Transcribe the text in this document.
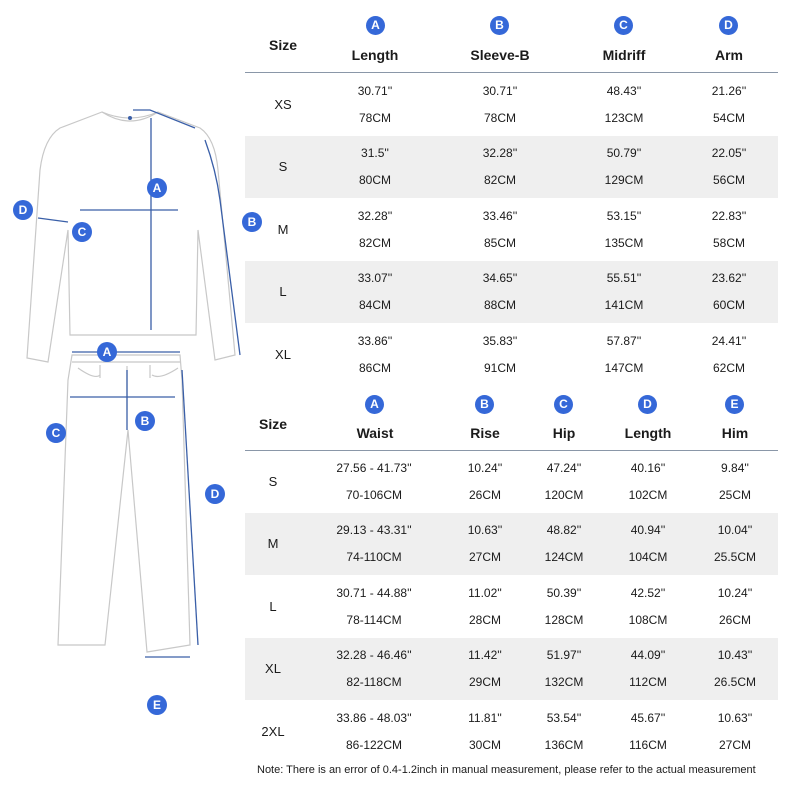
A
B
C
D
A
B
C
D
E
Size
A
Length
B
Sleeve-B
C
Midriff
D
Arm
XS
30.71''
78CM
30.71''
78CM
48.43''
123CM
21.26''
54CM
S
31.5''
80CM
32.28''
82CM
50.79''
129CM
22.05''
56CM
M
32.28''
82CM
33.46''
85CM
53.15''
135CM
22.83''
58CM
L
33.07''
84CM
34.65''
88CM
55.51''
141CM
23.62''
60CM
XL
33.86''
86CM
35.83''
91CM
57.87''
147CM
24.41''
62CM
Size
A
Waist
B
Rise
C
Hip
D
Length
E
Him
S
27.56 - 41.73''
70-106CM
10.24''
26CM
47.24''
120CM
40.16''
102CM
9.84''
25CM
M
29.13 - 43.31''
74-110CM
10.63''
27CM
48.82''
124CM
40.94''
104CM
10.04''
25.5CM
L
30.71 - 44.88''
78-114CM
11.02''
28CM
50.39''
128CM
42.52''
108CM
10.24''
26CM
XL
32.28 - 46.46''
82-118CM
11.42''
29CM
51.97''
132CM
44.09''
112CM
10.43''
26.5CM
2XL
33.86 - 48.03''
86-122CM
11.81''
30CM
53.54''
136CM
45.67''
116CM
10.63''
27CM
Note: There is an error of 0.4-1.2inch in manual measurement, please refer to the actual measurement
